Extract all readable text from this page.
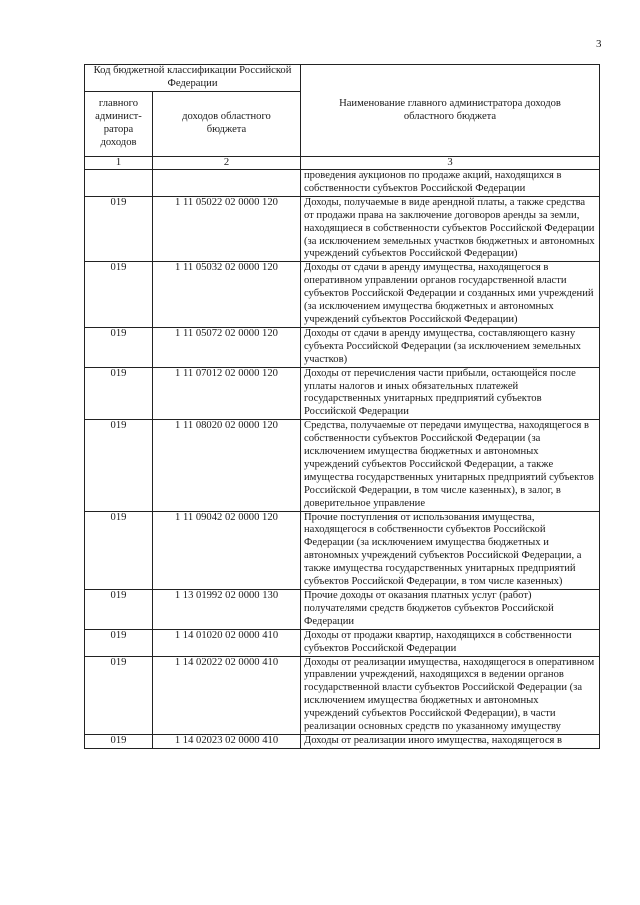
3
Код бюджетной классификации Российской Федерации		Наименование главного администратора доходов областного бюджета
главного админист-ратора доходов	доходов областного бюджета	
1	2	3
		проведения аукционов по продаже акций, находящихся в собственности субъектов Российской Федерации
019	1 11 05022 02 0000 120	Доходы, получаемые в виде арендной платы, а также средства от продажи права на заключение договоров аренды за земли, находящиеся в собственности субъектов Российской Федерации (за исключением земельных участков бюджетных и автономных учреждений субъектов Российской Федерации)
019	1 11 05032 02 0000 120	Доходы от сдачи в аренду имущества, находящегося в оперативном управлении органов государственной власти субъектов Российской Федерации и созданных ими учреждений (за исключением имущества бюджетных и автономных учреждений субъектов Российской Федерации)
019	1 11 05072 02 0000 120	Доходы от сдачи в аренду имущества, составляющего казну субъекта Российской Федерации (за исключением земельных участков)
019	1 11 07012 02 0000 120	Доходы от перечисления части прибыли, остающейся после уплаты налогов и иных обязательных платежей государственных унитарных предприятий субъектов Российской Федерации
019	1 11 08020 02 0000 120	Средства, получаемые от передачи имущества, находящегося в собственности субъектов Российской Федерации (за исключением имущества бюджетных и автономных учреждений субъектов Российской Федерации, а также имущества государственных унитарных предприятий субъектов Российской Федерации, в том числе казенных), в залог, в доверительное управление
019	1 11 09042 02 0000 120	Прочие поступления от использования имущества, находящегося в собственности субъектов Российской Федерации (за исключением имущества бюджетных и автономных учреждений субъектов Российской Федерации, а также имущества государственных унитарных предприятий субъектов Российской Федерации, в том числе казенных)
019	1 13 01992 02 0000 130	Прочие доходы от оказания платных услуг (работ) получателями средств бюджетов субъектов Российской Федерации
019	1 14 01020 02 0000 410	Доходы от продажи квартир, находящихся в собственности субъектов Российской Федерации
019	1 14 02022 02 0000 410	Доходы от реализации имущества, находящегося в оперативном управлении учреждений, находящихся в ведении органов государственной власти субъектов Российской Федерации (за исключением имущества бюджетных и автономных учреждений субъектов Российской Федерации), в части реализации основных средств по указанному имуществу
019	1 14 02023 02 0000 410	Доходы от реализации иного имущества, находящегося в
